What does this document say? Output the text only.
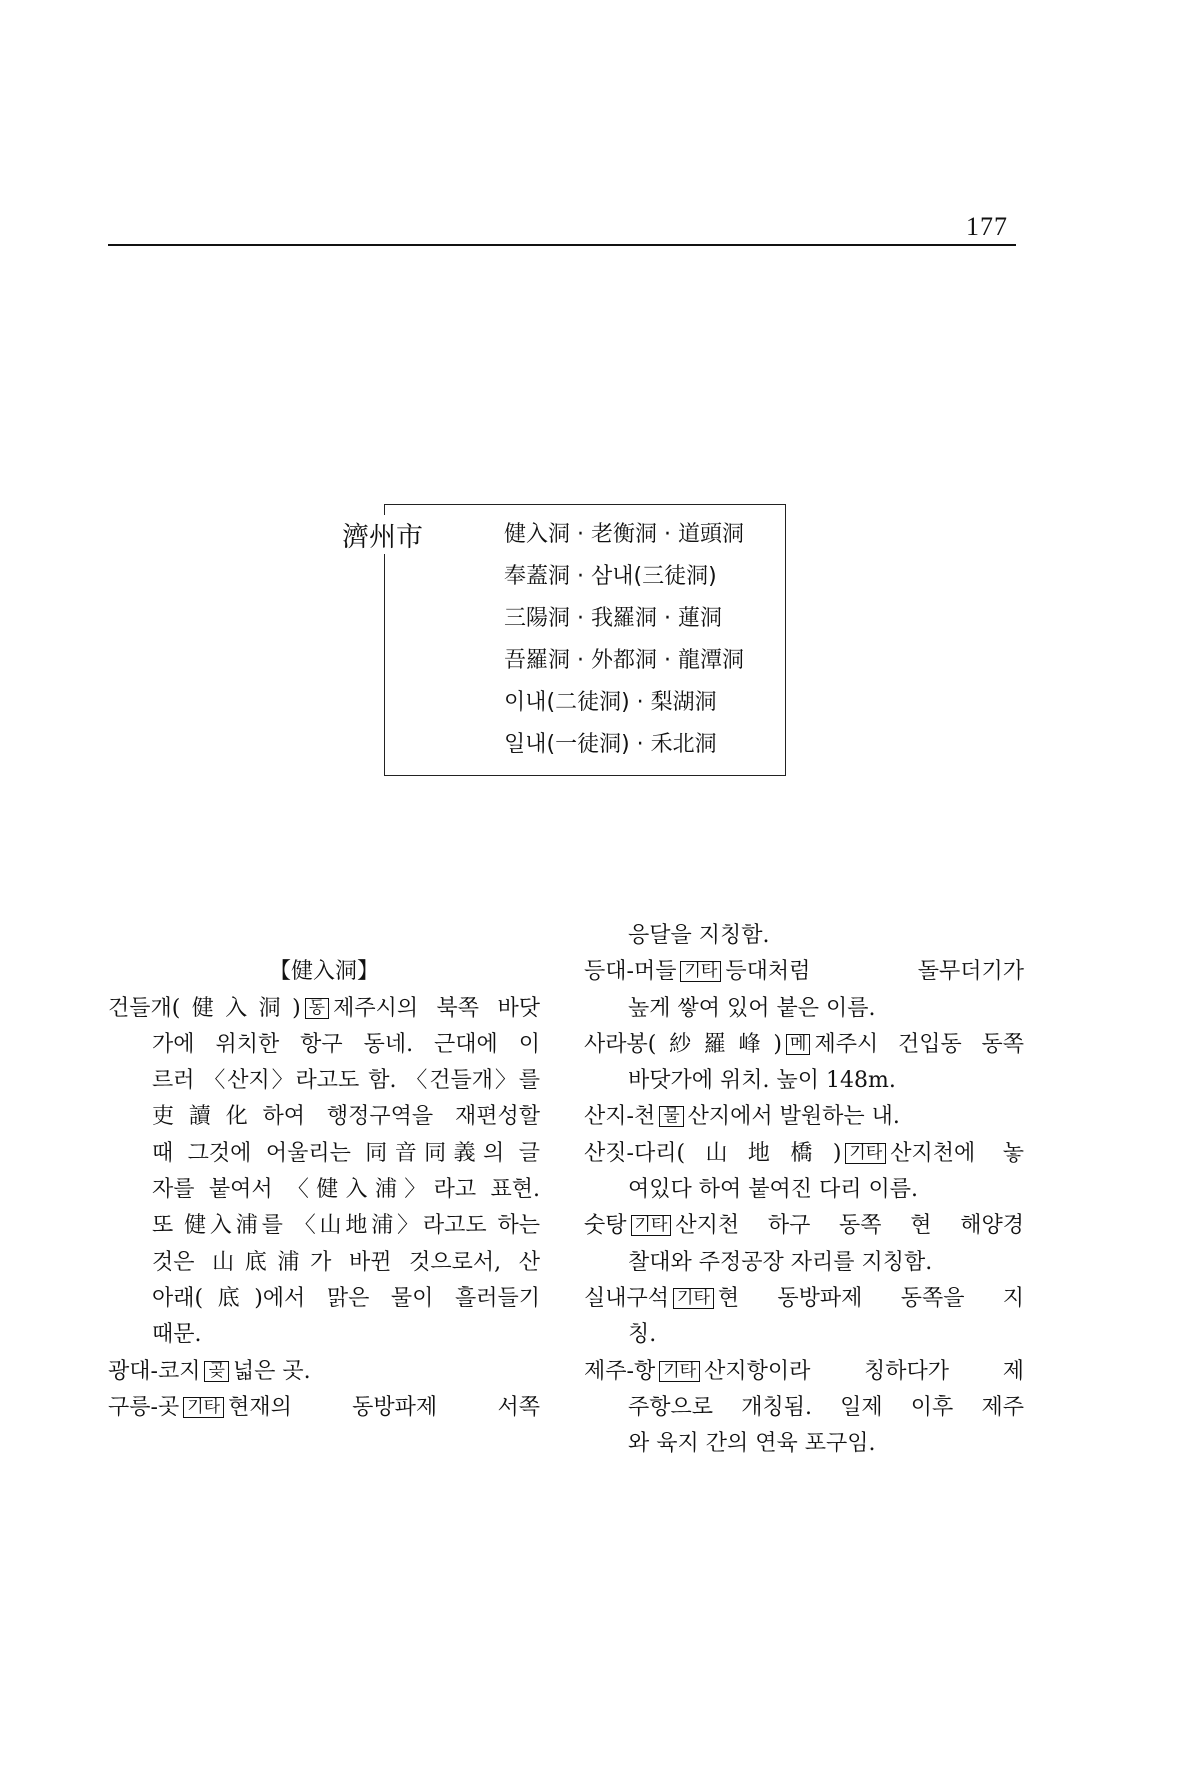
177
濟州市	健入洞 · 老衡洞 · 道頭洞
奉蓋洞 · 삼내(三徒洞)
三陽洞 · 我羅洞 · 蓮洞
吾羅洞 · 外都洞 · 龍潭洞
이내(二徒洞) · 梨湖洞
일내(一徒洞) · 禾北洞
【健入洞】
건들개(健入洞) 동 제주시의 북쪽 바닷
가에 위치한 항구 동네. 근대에 이
르러 〈산지〉라고도 함. 〈건들개〉를
吏讀化하여 행정구역을 재편성할
때 그것에 어울리는 同音同義의 글
자를 붙여서 〈健入浦〉라고 표현.
또 健入浦를 〈山地浦〉라고도 하는
것은 山底浦가 바뀐 것으로서, 산
아래(底)에서 맑은 물이 흘러들기
때문.
광대-코지 곶 넓은 곳.
구릉-곳 기타 현재의 동방파제 서쪽
응달을 지칭함.
등대-머들 기타 등대처럼 돌무더기가
높게 쌓여 있어 붙은 이름.
사라봉(紗羅峰) 메 제주시 건입동 동쪽
바닷가에 위치. 높이 148m.
산지-천 물 산지에서 발원하는 내.
산짓-다리(山地橋) 기타 산지천에 놓
여있다 하여 붙여진 다리 이름.
숫탕 기타 산지천 하구 동쪽 현 해양경
찰대와 주정공장 자리를 지칭함.
실내구석 기타 현 동방파제 동쪽을 지
칭.
제주-항 기타 산지항이라 칭하다가 제
주항으로 개칭됨. 일제 이후 제주
와 육지 간의 연육 포구임.
